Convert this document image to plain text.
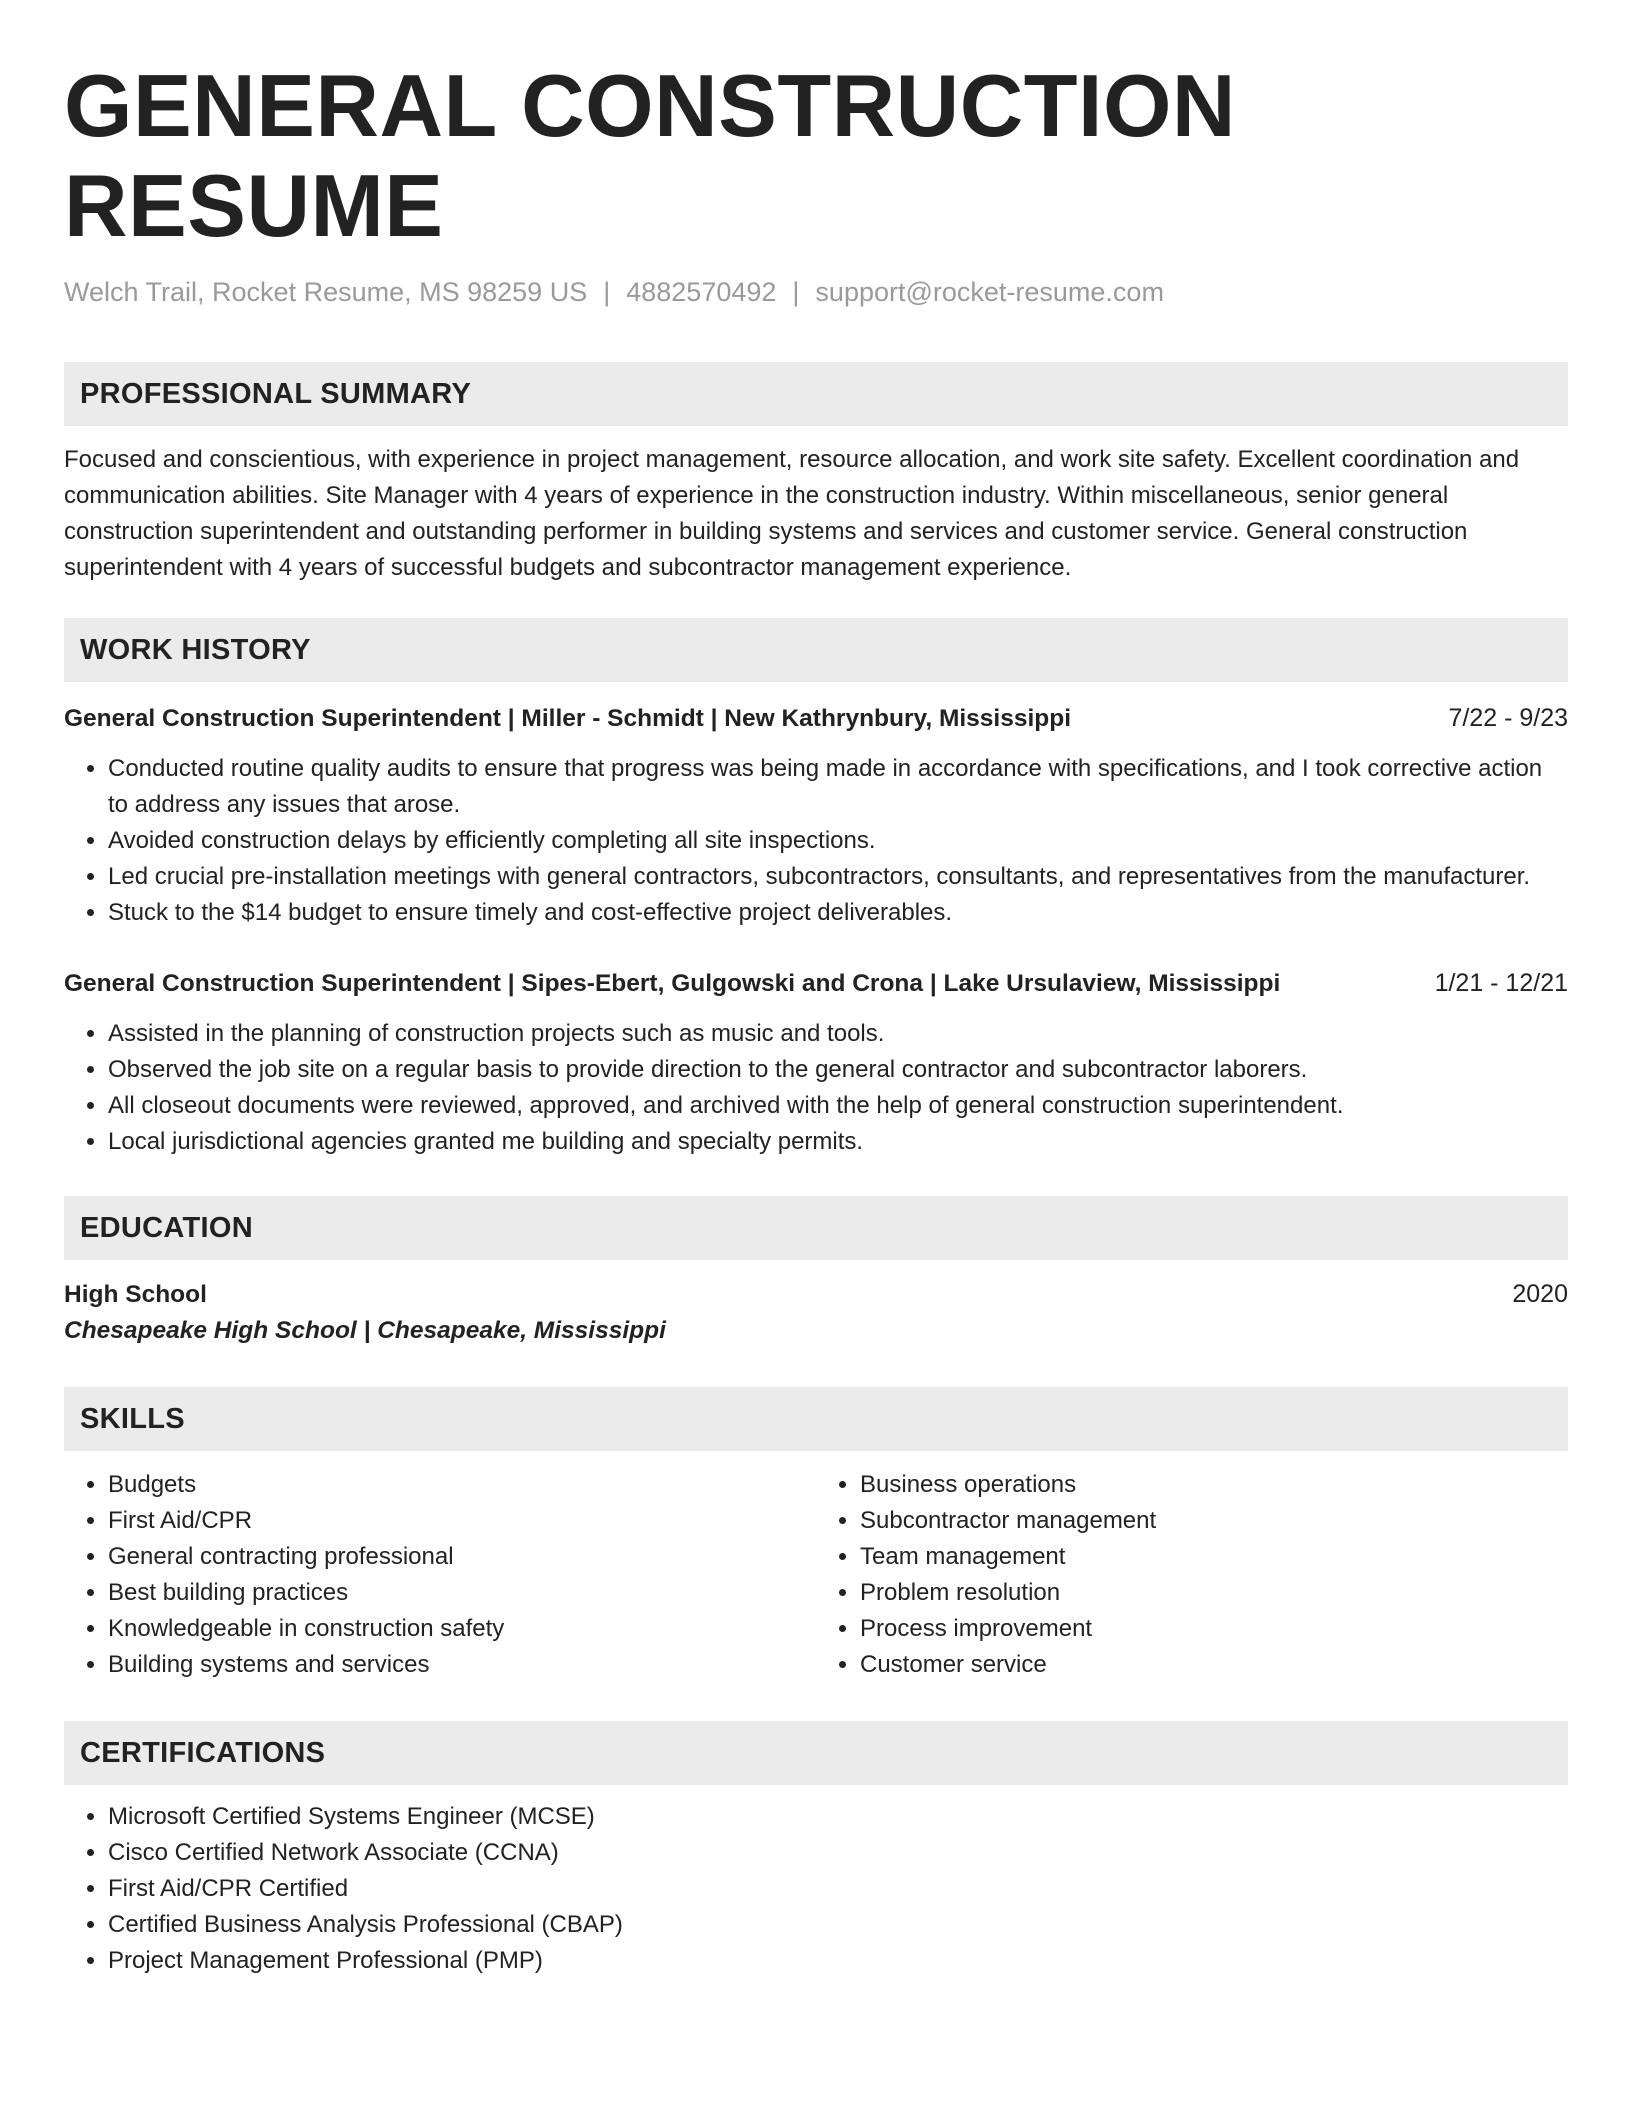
GENERAL CONSTRUCTION RESUME
Welch Trail, Rocket Resume, MS 98259 US | 4882570492 | support@rocket-resume.com
PROFESSIONAL SUMMARY

Focused and conscientious, with experience in project management, resource allocation, and work site safety. Excellent coordination and communication abilities. Site Manager with 4 years of experience in the construction industry. Within miscellaneous, senior general construction superintendent and outstanding performer in building systems and services and customer service. General construction superintendent with 4 years of successful budgets and subcontractor management experience.

WORK HISTORY
General Construction Superintendent | Miller - Schmidt | New Kathrynbury, Mississippi	7/22 - 9/23
• Conducted routine quality audits to ensure that progress was being made in accordance with specifications, and I took corrective action to address any issues that arose.
• Avoided construction delays by efficiently completing all site inspections.
• Led crucial pre-installation meetings with general contractors, subcontractors, consultants, and representatives from the manufacturer.
• Stuck to the $14 budget to ensure timely and cost-effective project deliverables.
General Construction Superintendent | Sipes-Ebert, Gulgowski and Crona | Lake Ursulaview, Mississippi	1/21 - 12/21
• Assisted in the planning of construction projects such as music and tools.
• Observed the job site on a regular basis to provide direction to the general contractor and subcontractor laborers.
• All closeout documents were reviewed, approved, and archived with the help of general construction superintendent.
• Local jurisdictional agencies granted me building and specialty permits.
EDUCATION
High School	2020
Chesapeake High School | Chesapeake, Mississippi
SKILLS
• Budgets
• First Aid/CPR
• General contracting professional
• Best building practices
• Knowledgeable in construction safety
• Building systems and services
• Business operations
• Subcontractor management
• Team management
• Problem resolution
• Process improvement
• Customer service
CERTIFICATIONS
• Microsoft Certified Systems Engineer (MCSE)
• Cisco Certified Network Associate (CCNA)
• First Aid/CPR Certified
• Certified Business Analysis Professional (CBAP)
• Project Management Professional (PMP)
